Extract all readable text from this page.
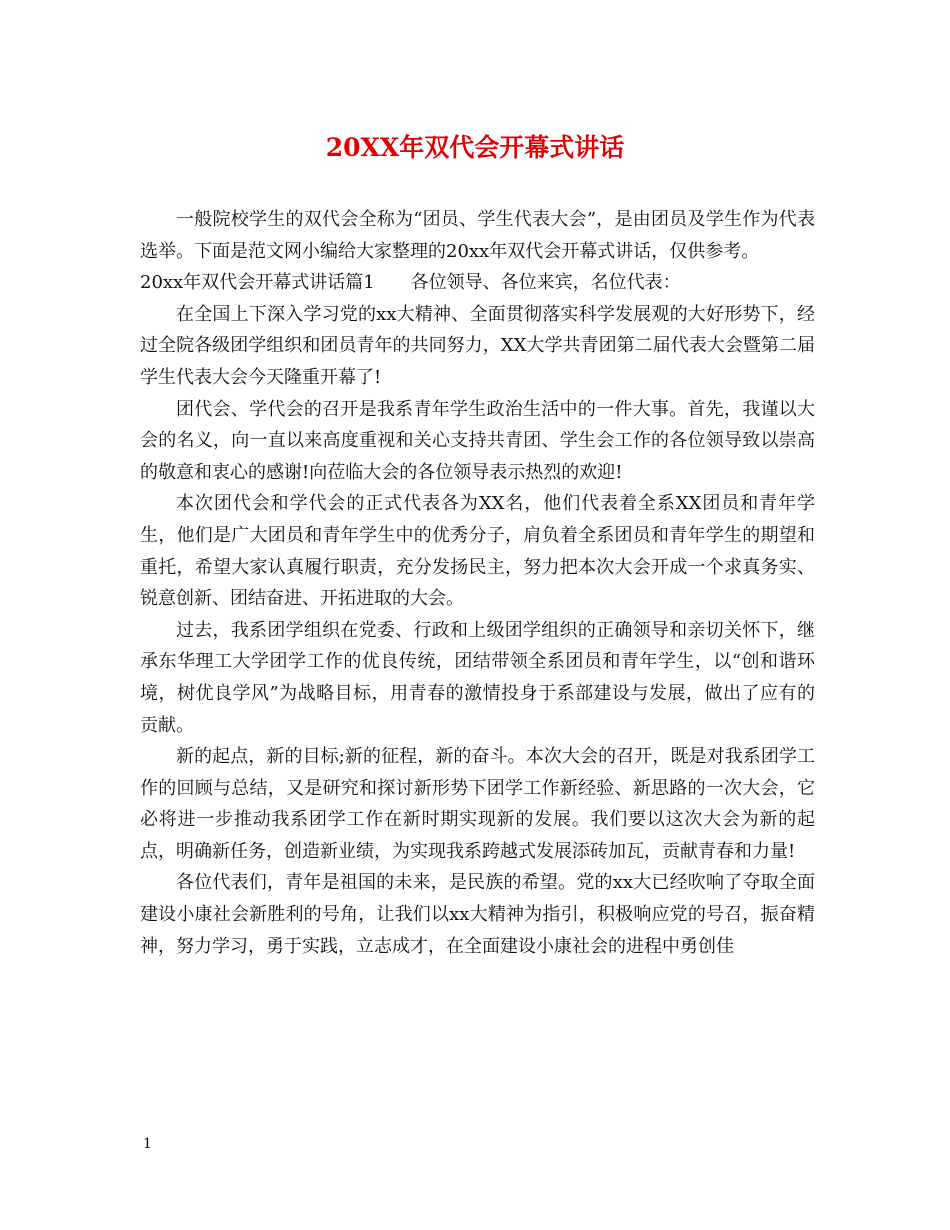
20XX年双代会开幕式讲话

一般院校学生的双代会全称为“团员、学生代表大会”，是由团员及学生作为代表选举。下面是范文网小编给大家整理的20xx年双代会开幕式讲话，仅供参考。

20xx年双代会开幕式讲话篇1　　各位领导、各位来宾，名位代表：

在全国上下深入学习党的xx大精神、全面贯彻落实科学发展观的大好形势下，经过全院各级团学组织和团员青年的共同努力，XX大学共青团第二届代表大会暨第二届学生代表大会今天隆重开幕了!

团代会、学代会的召开是我系青年学生政治生活中的一件大事。首先，我谨以大会的名义，向一直以来高度重视和关心支持共青团、学生会工作的各位领导致以崇高的敬意和衷心的感谢!向莅临大会的各位领导表示热烈的欢迎!

本次团代会和学代会的正式代表各为XX名，他们代表着全系XX团员和青年学生，他们是广大团员和青年学生中的优秀分子，肩负着全系团员和青年学生的期望和重托，希望大家认真履行职责，充分发扬民主，努力把本次大会开成一个求真务实、锐意创新、团结奋进、开拓进取的大会。

过去，我系团学组织在党委、行政和上级团学组织的正确领导和亲切关怀下，继承东华理工大学团学工作的优良传统，团结带领全系团员和青年学生，以“创和谐环境，树优良学风”为战略目标，用青春的激情投身于系部建设与发展，做出了应有的贡献。

新的起点，新的目标;新的征程，新的奋斗。本次大会的召开，既是对我系团学工作的回顾与总结，又是研究和探讨新形势下团学工作新经验、新思路的一次大会，它必将进一步推动我系团学工作在新时期实现新的发展。我们要以这次大会为新的起点，明确新任务，创造新业绩，为实现我系跨越式发展添砖加瓦，贡献青春和力量!

各位代表们，青年是祖国的未来，是民族的希望。党的xx大已经吹响了夺取全面建设小康社会新胜利的号角，让我们以xx大精神为指引，积极响应党的号召，振奋精神，努力学习，勇于实践，立志成才，在全面建设小康社会的进程中勇创佳

1
